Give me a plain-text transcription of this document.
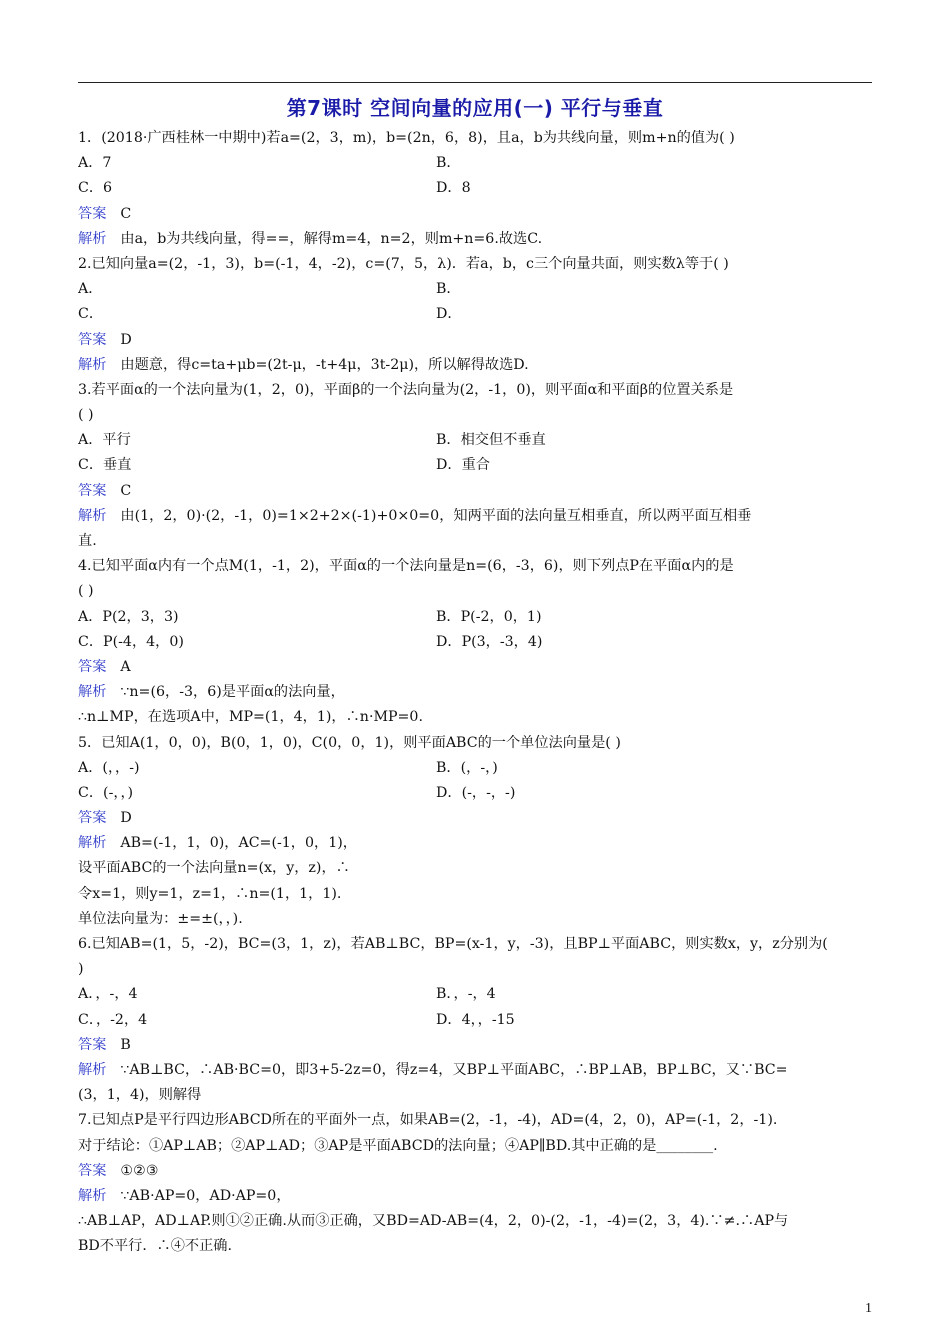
第7课时 空间向量的应用(一) 平行与垂直
1．(2018·广西桂林一中期中)若a=(2，3，m)，b=(2n，6，8)，且a，b为共线向量，则m+n的值为( )
A．7	B．
C．6	D．8
答案 C
解析 由a，b为共线向量，得==，解得m=4，n=2，则m+n=6.故选C.
2.已知向量a=(2，-1，3)，b=(-1，4，-2)，c=(7，5，λ)．若a，b，c三个向量共面，则实数λ等于( )
A．	B．
C．	D．
答案 D
解析 由题意，得c=ta+μb=(2t-μ，-t+4μ，3t-2μ)，所以解得故选D.
3.若平面α的一个法向量为(1，2，0)，平面β的一个法向量为(2，-1，0)，则平面α和平面β的位置关系是
( )
A．平行	B．相交但不垂直
C．垂直	D．重合
答案 C
解析 由(1，2，0)·(2，-1，0)=1×2+2×(-1)+0×0=0，知两平面的法向量互相垂直，所以两平面互相垂
直.
4.已知平面α内有一个点M(1，-1，2)，平面α的一个法向量是n=(6，-3，6)，则下列点P在平面α内的是
( )
A．P(2，3，3)	B．P(-2，0，1)
C．P(-4，4，0)	D．P(3，-3，4)
答案 A
解析 ∵n=(6，-3，6)是平面α的法向量，
∴n⊥MP，在选项A中，MP=(1，4，1)，∴n·MP=0.
5．已知A(1，0，0)，B(0，1，0)，C(0，0，1)，则平面ABC的一个单位法向量是( )
A．(，，-)	B．(，-，)
C．(-，，)	D．(-，-，-)
答案 D
解析 AB=(-1，1，0)，AC=(-1，0，1)，
设平面ABC的一个法向量n=(x，y，z)，∴
令x=1，则y=1，z=1，∴n=(1，1，1).
单位法向量为：±=±(，，).
6.已知AB=(1，5，-2)，BC=(3，1，z)，若AB⊥BC，BP=(x-1，y，-3)，且BP⊥平面ABC，则实数x，y，z分别为(
)
A．，-，4	B．，-，4
C．，-2，4	D．4，，-15
答案 B
解析 ∵AB⊥BC，∴AB·BC=0，即3+5-2z=0，得z=4，又BP⊥平面ABC，∴BP⊥AB，BP⊥BC，又∵BC=
(3，1，4)，则解得
7.已知点P是平行四边形ABCD所在的平面外一点，如果AB=(2，-1，-4)，AD=(4，2，0)，AP=(-1，2，-1).
对于结论：①AP⊥AB；②AP⊥AD；③AP是平面ABCD的法向量；④AP∥BD.其中正确的是________.
答案 ①②③
解析 ∵AB·AP=0，AD·AP=0，
∴AB⊥AP，AD⊥AP.则①②正确.从而③正确，又BD=AD-AB=(4，2，0)-(2，-1，-4)=(2，3，4).∵≠.∴AP与
BD不平行．∴④不正确.
1
